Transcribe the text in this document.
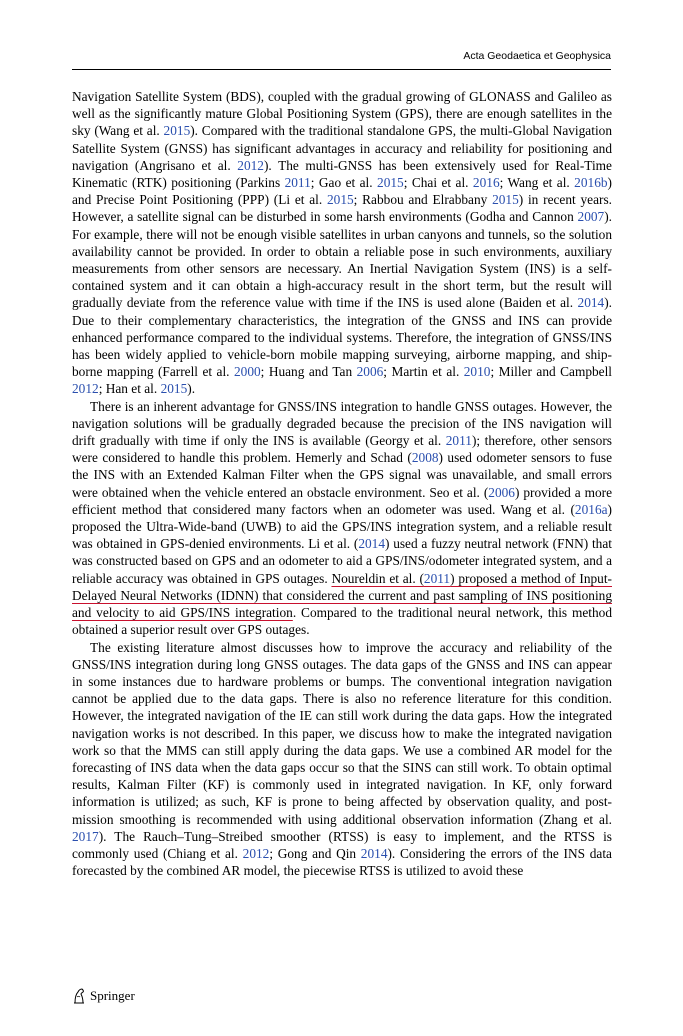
Acta Geodaetica et Geophysica

Navigation Satellite System (BDS), coupled with the gradual growing of GLONASS and Galileo as well as the significantly mature Global Positioning System (GPS), there are enough satellites in the sky (Wang et al. 2015). Compared with the traditional standalone GPS, the multi-Global Navigation Satellite System (GNSS) has significant advantages in accuracy and reliability for positioning and navigation (Angrisano et al. 2012). The multi-GNSS has been extensively used for Real-Time Kinematic (RTK) positioning (Parkins 2011; Gao et al. 2015; Chai et al. 2016; Wang et al. 2016b) and Precise Point Positioning (PPP) (Li et al. 2015; Rabbou and Elrabbany 2015) in recent years. However, a satellite signal can be disturbed in some harsh environments (Godha and Cannon 2007). For example, there will not be enough visible satellites in urban canyons and tunnels, so the solution availability cannot be provided. In order to obtain a reliable pose in such environments, auxiliary measurements from other sensors are necessary. An Inertial Navigation System (INS) is a self-contained system and it can obtain a high-accuracy result in the short term, but the result will gradually deviate from the reference value with time if the INS is used alone (Baiden et al. 2014). Due to their complementary characteristics, the integration of the GNSS and INS can provide enhanced performance compared to the individual systems. Therefore, the integration of GNSS/INS has been widely applied to vehicle-born mobile mapping surveying, airborne mapping, and ship-borne mapping (Farrell et al. 2000; Huang and Tan 2006; Martin et al. 2010; Miller and Campbell 2012; Han et al. 2015).

There is an inherent advantage for GNSS/INS integration to handle GNSS outages. However, the navigation solutions will be gradually degraded because the precision of the INS navigation will drift gradually with time if only the INS is available (Georgy et al. 2011); therefore, other sensors were considered to handle this problem. Hemerly and Schad (2008) used odometer sensors to fuse the INS with an Extended Kalman Filter when the GPS signal was unavailable, and small errors were obtained when the vehicle entered an obstacle environment. Seo et al. (2006) provided a more efficient method that considered many factors when an odometer was used. Wang et al. (2016a) proposed the Ultra-Wide-band (UWB) to aid the GPS/INS integration system, and a reliable result was obtained in GPS-denied environments. Li et al. (2014) used a fuzzy neutral network (FNN) that was constructed based on GPS and an odometer to aid a GPS/INS/odometer integrated system, and a reliable accuracy was obtained in GPS outages. Noureldin et al. (2011) proposed a method of Input-Delayed Neural Networks (IDNN) that considered the current and past sampling of INS positioning and velocity to aid GPS/INS integration. Compared to the traditional neural network, this method obtained a superior result over GPS outages.

The existing literature almost discusses how to improve the accuracy and reliability of the GNSS/INS integration during long GNSS outages. The data gaps of the GNSS and INS can appear in some instances due to hardware problems or bumps. The conventional integration navigation cannot be applied due to the data gaps. There is also no reference literature for this condition. However, the integrated navigation of the IE can still work during the data gaps. How the integrated navigation works is not described. In this paper, we discuss how to make the integrated navigation work so that the MMS can still apply during the data gaps. We use a combined AR model for the forecasting of INS data when the data gaps occur so that the SINS can still work. To obtain optimal results, Kalman Filter (KF) is commonly used in integrated navigation. In KF, only forward information is utilized; as such, KF is prone to being affected by observation quality, and post-mission smoothing is recommended with using additional observation information (Zhang et al. 2017). The Rauch–Tung–Streibed smoother (RTSS) is easy to implement, and the RTSS is commonly used (Chiang et al. 2012; Gong and Qin 2014). Considering the errors of the INS data forecasted by the combined AR model, the piecewise RTSS is utilized to avoid these

Springer
